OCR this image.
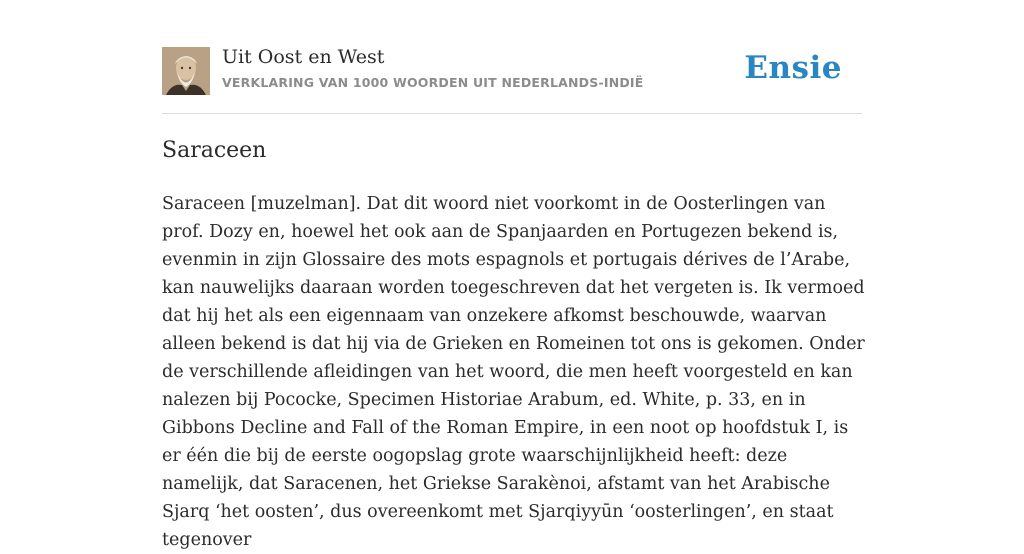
Uit Oost en West
VERKLARING VAN 1000 WOORDEN UIT NEDERLANDS-INDIË	Ensie
Saraceen

Saraceen [muzelman]. Dat dit woord niet voorkomt in de Oosterlingen van prof. Dozy en, hoewel het ook aan de Spanjaarden en Portugezen bekend is, evenmin in zijn Glossaire des mots espagnols et portugais dérives de l’Arabe, kan nauwelijks daaraan worden toegeschreven dat het vergeten is. Ik vermoed dat hij het als een eigennaam van onzekere afkomst beschouwde, waarvan alleen bekend is dat hij via de Grieken en Romeinen tot ons is gekomen. Onder de verschillende afleidingen van het woord, die men heeft voorgesteld en kan nalezen bij Pococke, Specimen Historiae Arabum, ed. White, p. 33, en in Gibbons Decline and Fall of the Roman Empire, in een noot op hoofdstuk I, is er één die bij de eerste oogopslag grote waarschijnlijkheid heeft: deze namelijk, dat Saracenen, het Griekse Sarakènoi, afstamt van het Arabische Sjarq ‘het oosten’, dus overeenkomt met Sjarqiyyūn ‘oosterlingen’, en staat tegenover
